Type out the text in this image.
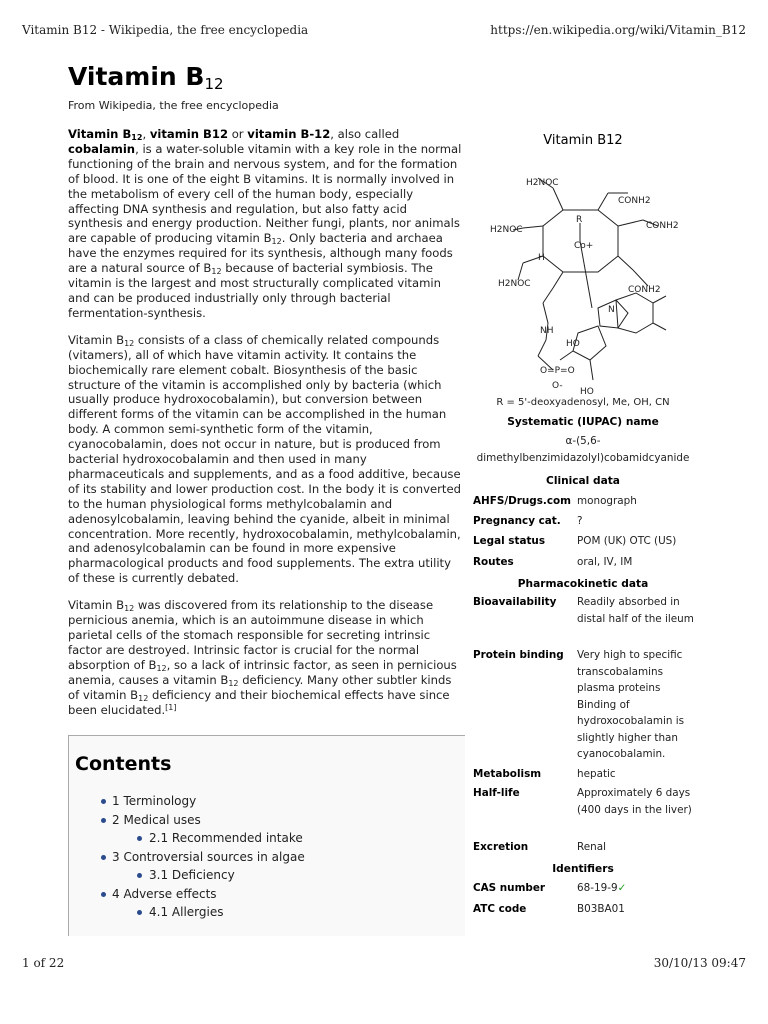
Vitamin B12 - Wikipedia, the free encyclopedia	https://en.wikipedia.org/wiki/Vitamin_B12
Vitamin $B_{12}$
From Wikipedia, the free encyclopedia

Vitamin $B_{12}$, vitamin B12 or vitamin B-12, also called cobalamin, is a water-soluble vitamin with a key role in the normal functioning of the brain and nervous system, and for the formation of blood. It is one of the eight B vitamins. It is normally involved in the metabolism of every cell of the human body, especially affecting DNA synthesis and regulation, but also fatty acid synthesis and energy production. Neither fungi, plants, nor animals are capable of producing vitamin $B_{12}$. Only bacteria and archaea have the enzymes required for its synthesis, although many foods are a natural source of $B_{12}$ because of bacterial symbiosis. The vitamin is the largest and most structurally complicated vitamin and can be produced industrially only through bacterial fermentation-synthesis.

Vitamin $B_{12}$ consists of a class of chemically related compounds (vitamers), all of which have vitamin activity. It contains the biochemically rare element cobalt. Biosynthesis of the basic structure of the vitamin is accomplished only by bacteria (which usually produce hydroxocobalamin), but conversion between different forms of the vitamin can be accomplished in the human body. A common semi-synthetic form of the vitamin, cyanocobalamin, does not occur in nature, but is produced from bacterial hydroxocobalamin and then used in many pharmaceuticals and supplements, and as a food additive, because of its stability and lower production cost. In the body it is converted to the human physiological forms methylcobalamin and adenosylcobalamin, leaving behind the cyanide, albeit in minimal concentration. More recently, hydroxocobalamin, methylcobalamin, and adenosylcobalamin can be found in more expensive pharmacological products and food supplements. The extra utility of these is currently debated.

Vitamin $B_{12}$ was discovered from its relationship to the disease pernicious anemia, which is an autoimmune disease in which parietal cells of the stomach responsible for secreting intrinsic factor are destroyed. Intrinsic factor is crucial for the normal absorption of $B_{12}$, so a lack of intrinsic factor, as seen in pernicious anemia, causes a vitamin $B_{12}$ deficiency. Many other subtler kinds of vitamin $B_{12}$ deficiency and their biochemical effects have since been elucidated.[1]

Contents
1 Terminology
2 Medical uses
2.1 Recommended intake
3 Controversial sources in algae
3.1 Deficiency
4 Adverse effects
4.1 Allergies
Vitamin B12
H2NOC
CONH2
CONH2
H2NOC
H2NOC
CONH2
R
Co+
H
NH
HO
HO
N
O=P=O
O-
R = 5'-deoxyadenosyl, Me, OH, CN
Systematic (IUPAC) name
α-(5,6-dimethylbenzimidazolyl)cobamidcyanide
Clinical data
AHFS/Drugs.com monograph
Pregnancy cat.	?
Legal status	POM (UK) OTC (US)
Routes	oral, IV, IM
Pharmacokinetic data
Bioavailability	Readily absorbed in distal half of the ileum
Protein binding	Very high to specific transcobalamins plasma proteins Binding of hydroxocobalamin is slightly higher than cyanocobalamin.
Metabolism	hepatic
Half-life	Approximately 6 days (400 days in the liver)
Excretion	Renal
Identifiers
CAS number	68-19-9✓
ATC code	B03BA01
1 of 22	30/10/13 09:47
